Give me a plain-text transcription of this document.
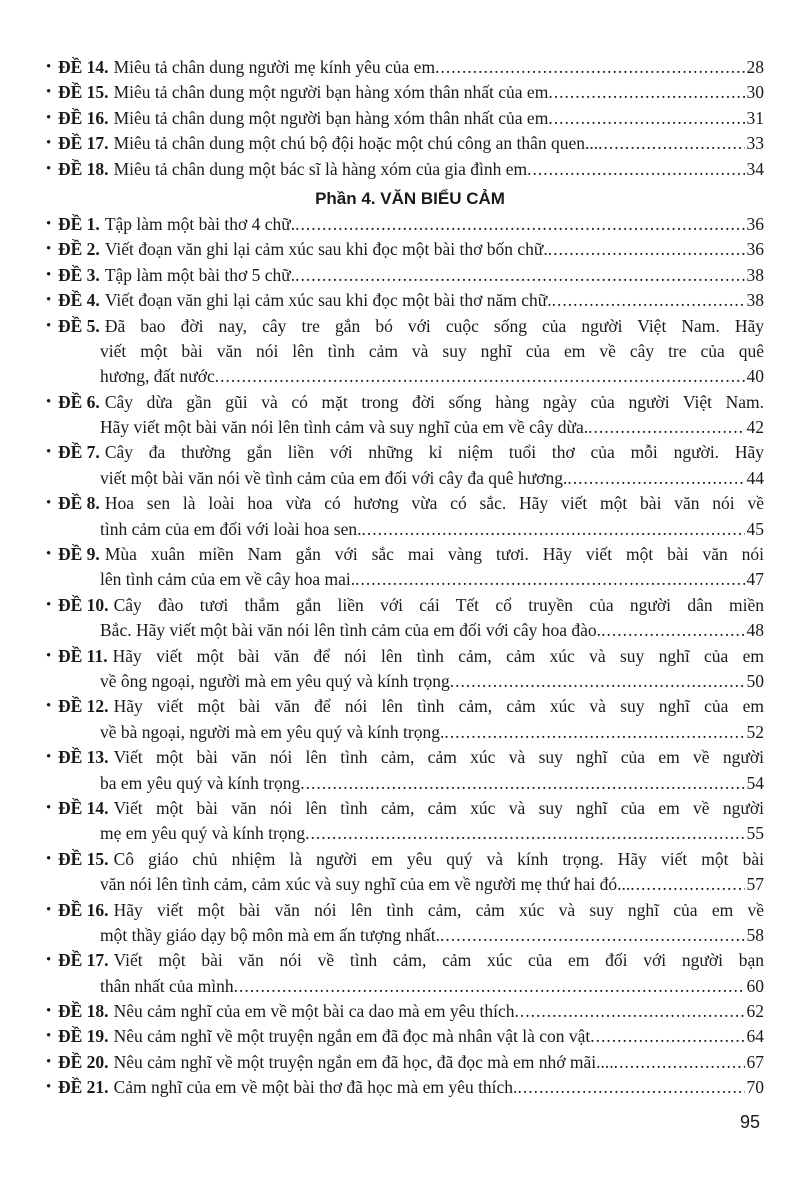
• ĐỀ 14. Miêu tả chân dung người mẹ kính yêu của em .....	28
• ĐỀ 15. Miêu tả chân dung một người bạn hàng xóm thân nhất của em .....	30
• ĐỀ 16. Miêu tả chân dung một người bạn hàng xóm thân nhất của em .....	31
• ĐỀ 17. Miêu tả chân dung một chú bộ đội hoặc một chú công an thân quen... .....	33
• ĐỀ 18. Miêu tả chân dung một bác sĩ là hàng xóm của gia đình em .....	34
Phần 4. VĂN BIỂU CẢM
• ĐỀ 1. Tập làm một bài thơ 4 chữ. .....	36
• ĐỀ 2. Viết đoạn văn ghi lại cảm xúc sau khi đọc một bài thơ bốn chữ. .....	36
• ĐỀ 3. Tập làm một bài thơ 5 chữ. .....	38
• ĐỀ 4. Viết đoạn văn ghi lại cảm xúc sau khi đọc một bài thơ năm chữ. .....	38
• ĐỀ 5. Đã bao đời nay, cây tre gắn bó với cuộc sống của người Việt Nam. Hãy
viết một bài văn nói lên tình cảm và suy nghĩ của em về cây tre của quê
hương, đất nước .....	40
• ĐỀ 6. Cây dừa gần gũi và có mặt trong đời sống hàng ngày của người Việt Nam.
Hãy viết một bài văn nói lên tình cảm và suy nghĩ của em về cây dừa. .....	42
• ĐỀ 7. Cây đa thường gắn liền với những kỉ niệm tuổi thơ của mỗi người. Hãy
viết một bài văn nói về tình cảm của em đối với cây đa quê hương. .....	44
• ĐỀ 8. Hoa sen là loài hoa vừa có hương vừa có sắc. Hãy viết một bài văn nói về
tình cảm của em đối với loài hoa sen. .....	45
• ĐỀ 9. Mùa xuân miền Nam gắn với sắc mai vàng tươi. Hãy viết một bài văn nói
lên tình cảm của em về cây hoa mai. .....	47
• ĐỀ 10. Cây đào tươi thắm gắn liền với cái Tết cổ truyền của người dân miền
Bắc. Hãy viết một bài văn nói lên tình cảm của em đối với cây hoa đào. .....	48
• ĐỀ 11. Hãy viết một bài văn để nói lên tình cảm, cảm xúc và suy nghĩ của em
về ông ngoại, người mà em yêu quý và kính trọng .....	50
• ĐỀ 12. Hãy viết một bài văn để nói lên tình cảm, cảm xúc và suy nghĩ của em
về bà ngoại, người mà em yêu quý và kính trọng. .....	52
• ĐỀ 13. Viết một bài văn nói lên tình cảm, cảm xúc và suy nghĩ của em về người
ba em yêu quý và kính trọng .....	54
• ĐỀ 14. Viết một bài văn nói lên tình cảm, cảm xúc và suy nghĩ của em về người
mẹ em yêu quý và kính trọng .....	55
• ĐỀ 15. Cô giáo chủ nhiệm là người em yêu quý và kính trọng. Hãy viết một bài
văn nói lên tình cảm, cảm xúc và suy nghĩ của em về người mẹ thứ hai đó... .....	57
• ĐỀ 16. Hãy viết một bài văn nói lên tình cảm, cảm xúc và suy nghĩ của em về
một thầy giáo dạy bộ môn mà em ấn tượng nhất. .....	58
• ĐỀ 17. Viết một bài văn nói về tình cảm, cảm xúc của em đối với người bạn
thân nhất của mình .....	60
• ĐỀ 18. Nêu cảm nghĩ của em về một bài ca dao mà em yêu thích .....	62
• ĐỀ 19. Nêu cảm nghĩ về một truyện ngắn em đã đọc mà nhân vật là con vật .....	64
• ĐỀ 20. Nêu cảm nghĩ về một truyện ngắn em đã học, đã đọc mà em nhớ mãi.... .....	67
• ĐỀ 21. Cảm nghĩ của em về một bài thơ đã học mà em yêu thích. .....	70
95
